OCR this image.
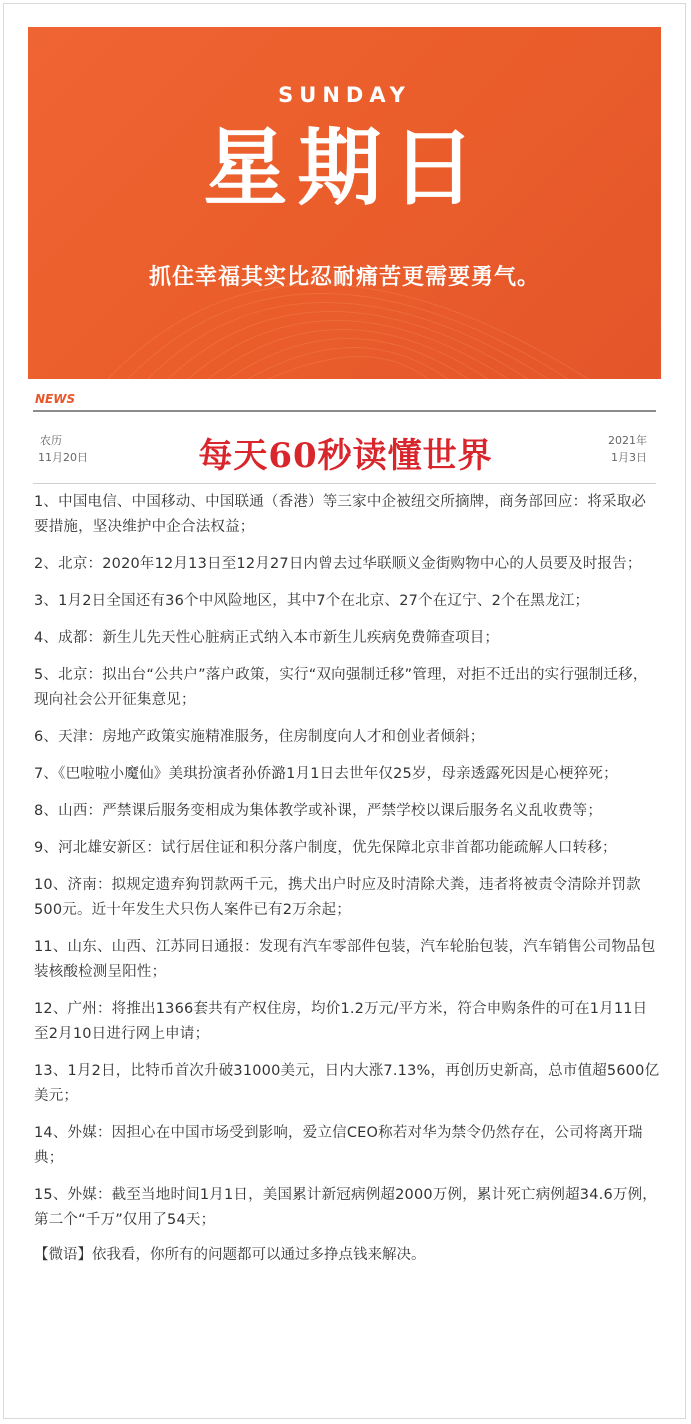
SUNDAY
星期日
抓住幸福其实比忍耐痛苦更需要勇气。
NEWS
农历
11月20日	每天60秒读懂世界	2021年
1月3日
1、中国电信、中国移动、中国联通（香港）等三家中企被纽交所摘牌，商务部回应：将采取必要措施，坚决维护中企合法权益；
2、北京：2020年12月13日至12月27日内曾去过华联顺义金街购物中心的人员要及时报告；
3、1月2日全国还有36个中风险地区，其中7个在北京、27个在辽宁、2个在黑龙江；
4、成都：新生儿先天性心脏病正式纳入本市新生儿疾病免费筛查项目；
5、北京：拟出台“公共户”落户政策，实行“双向强制迁移”管理，对拒不迁出的实行强制迁移，现向社会公开征集意见；
6、天津：房地产政策实施精准服务，住房制度向人才和创业者倾斜；
7、《巴啦啦小魔仙》美琪扮演者孙侨潞1月1日去世年仅25岁，母亲透露死因是心梗猝死；
8、山西：严禁课后服务变相成为集体教学或补课，严禁学校以课后服务名义乱收费等；
9、河北雄安新区：试行居住证和积分落户制度，优先保障北京非首都功能疏解人口转移；
10、济南：拟规定遗弃狗罚款两千元，携犬出户时应及时清除犬粪，违者将被责令清除并罚款500元。近十年发生犬只伤人案件已有2万余起；
11、山东、山西、江苏同日通报：发现有汽车零部件包装，汽车轮胎包装，汽车销售公司物品包装核酸检测呈阳性；
12、广州：将推出1366套共有产权住房，均价1.2万元/平方米，符合申购条件的可在1月11日至2月10日进行网上申请；
13、1月2日，比特币首次升破31000美元，日内大涨7.13%，再创历史新高，总市值超5600亿美元；
14、外媒：因担心在中国市场受到影响，爱立信CEO称若对华为禁令仍然存在，公司将离开瑞典；
15、外媒：截至当地时间1月1日，美国累计新冠病例超2000万例，累计死亡病例超34.6万例，第二个“千万”仅用了54天；
【微语】依我看，你所有的问题都可以通过多挣点钱来解决。
